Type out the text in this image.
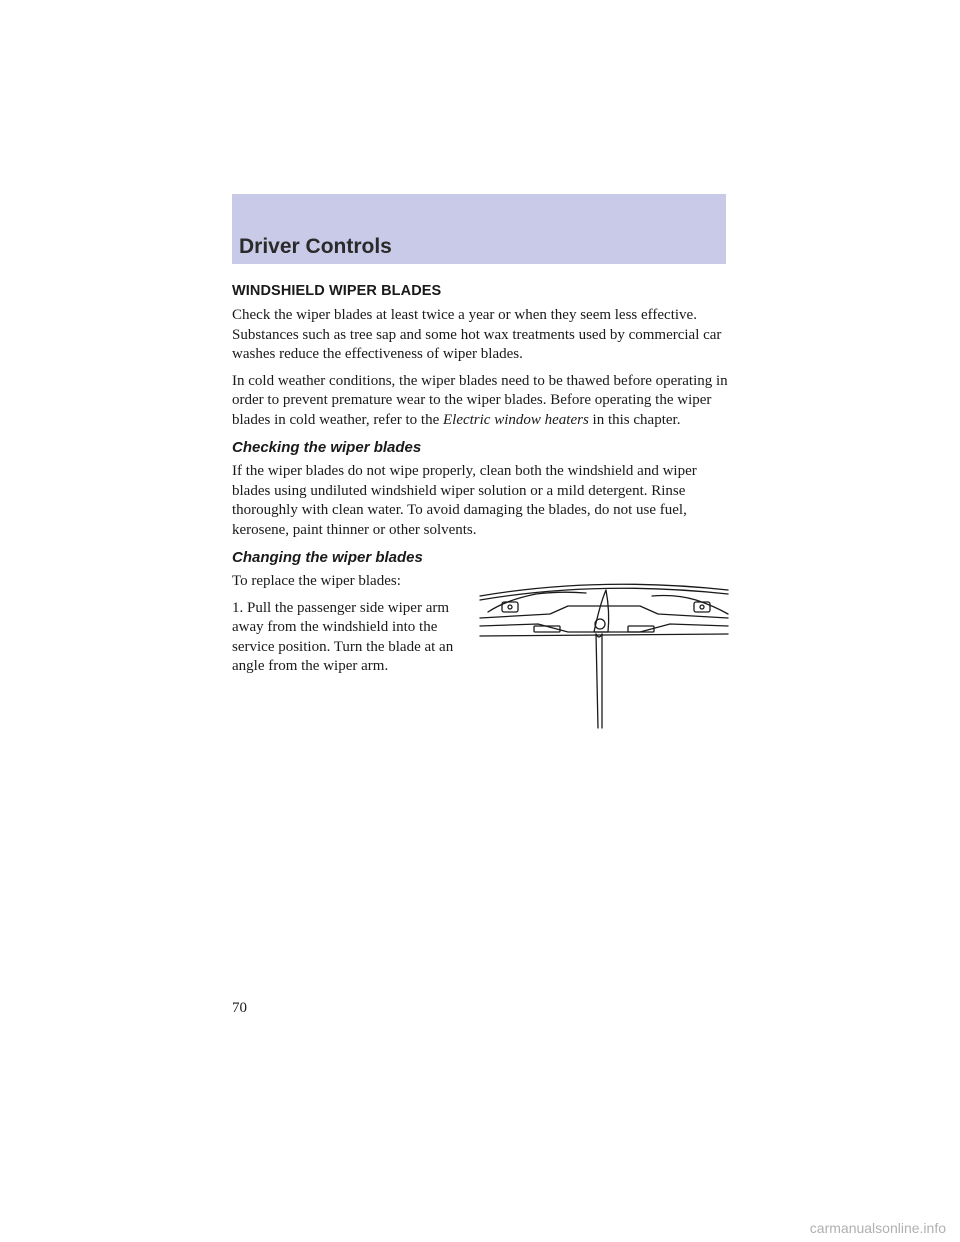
Driver Controls
WINDSHIELD WIPER BLADES

Check the wiper blades at least twice a year or when they seem less effective. Substances such as tree sap and some hot wax treatments used by commercial car washes reduce the effectiveness of wiper blades.

In cold weather conditions, the wiper blades need to be thawed before operating in order to prevent premature wear to the wiper blades. Before operating the wiper blades in cold weather, refer to the Electric window heaters in this chapter.

Checking the wiper blades

If the wiper blades do not wipe properly, clean both the windshield and wiper blades using undiluted windshield wiper solution or a mild detergent. Rinse thoroughly with clean water. To avoid damaging the blades, do not use fuel, kerosene, paint thinner or other solvents.

Changing the wiper blades

To replace the wiper blades:

1. Pull the passenger side wiper arm away from the windshield into the service position. Turn the blade at an angle from the wiper arm.

70
carmanualsonline.info
